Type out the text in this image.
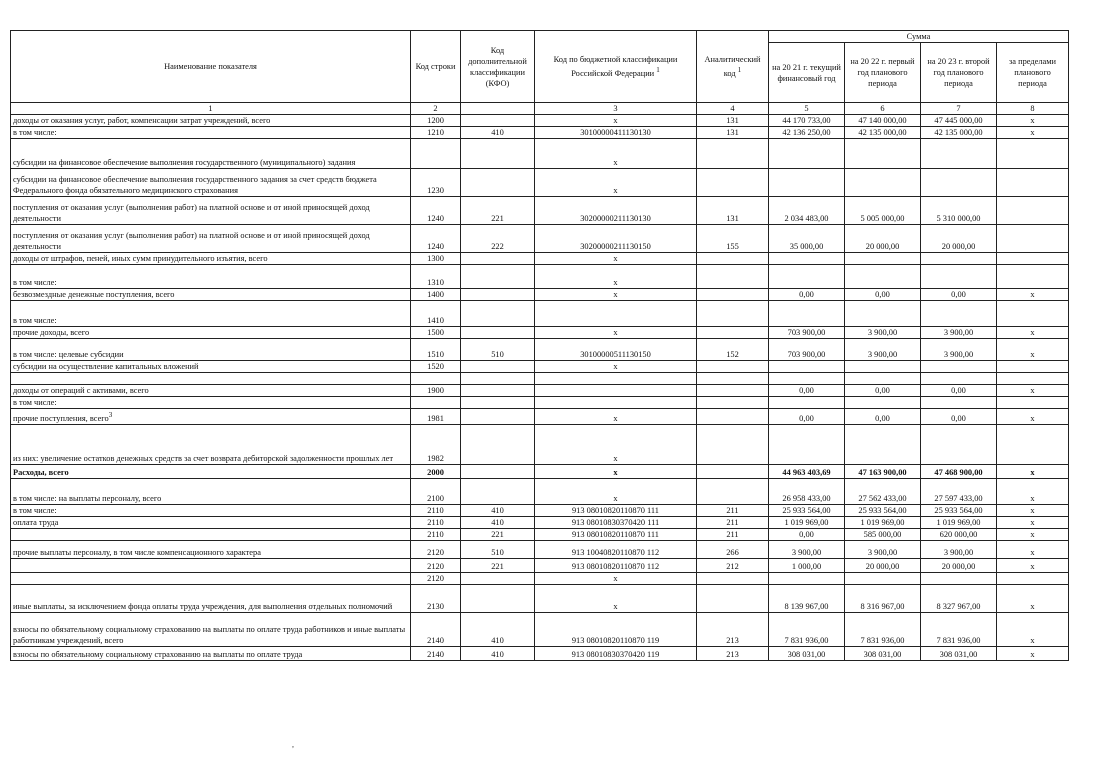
Наименование показателя	Код строки	Код дополнительной классификации (КФО)	Код по бюджетной классификации Российской Федерации $^1$	Аналитический код $^1$	Сумма			
					на 20 21 г. текущий финансовый год	на 20 22 г. первый год планового периода	на 20 23 г. второй год планового периода	за пределами планового периода
1	2		3	4	5	6	7	8
доходы от оказания услуг, работ, компенсации затрат учреждений, всего	1200		x	131	44 170 733,00	47 140 000,00	47 445 000,00	x
в том числе:	1210	410	30100000411130130	131	42 136 250,00	42 135 000,00	42 135 000,00	x
субсидии на финансовое обеспечение выполнения государственного (муниципального) задания			x					
субсидии на финансовое обеспечение выполнения государственного задания за счет средств бюджета Федерального фонда обязательного медицинского страхования	1230		x					
поступления от оказания услуг (выполнения работ) на платной основе и от иной приносящей доход деятельности	1240	221	30200000211130130	131	2 034 483,00	5 005 000,00	5 310 000,00	
поступления от оказания услуг (выполнения работ) на платной основе и от иной приносящей доход деятельности	1240	222	30200000211130150	155	35 000,00	20 000,00	20 000,00	
доходы от штрафов, пеней, иных сумм принудительного изъятия, всего	1300		x					
в том числе:	1310		x					
безвозмездные денежные поступления, всего	1400		x		0,00	0,00	0,00	x
в том числе:	1410							
прочие доходы, всего	1500		x		703 900,00	3 900,00	3 900,00	x
в том числе: целевые субсидии	1510	510	30100000511130150	152	703 900,00	3 900,00	3 900,00	x
субсидии на осуществление капитальных вложений	1520		x					

доходы от операций с активами, всего	1900				0,00	0,00	0,00	x
в том числе:								
прочие поступления, всего$^3$	1981		x		0,00	0,00	0,00	x
из них: увеличение остатков денежных средств за счет возврата дебиторской задолженности прошлых лет	1982		x					
Расходы, всего	2000		x		44 963 403,69	47 163 900,00	47 468 900,00	x
в том числе: на выплаты персоналу, всего	2100		x		26 958 433,00	27 562 433,00	27 597 433,00	x
в том числе:	2110	410	913 08010820110870 111	211	25 933 564,00	25 933 564,00	25 933 564,00	x
оплата труда	2110	410	913 08010830370420 111	211	1 019 969,00	1 019 969,00	1 019 969,00	x
	2110	221	913 08010820110870 111	211	0,00	585 000,00	620 000,00	x
прочие выплаты персоналу, в том числе компенсационного характера	2120	510	913 10040820110870 112	266	3 900,00	3 900,00	3 900,00	x
	2120	221	913 08010820110870 112	212	1 000,00	20 000,00	20 000,00	x
	2120		x					
иные выплаты, за исключением фонда оплаты труда учреждения, для выполнения отдельных полномочий	2130		x		8 139 967,00	8 316 967,00	8 327 967,00	x
взносы по обязательному социальному страхованию на выплаты по оплате труда работников и иные выплаты работникам учреждений, всего	2140	410	913 08010820110870 119	213	7 831 936,00	7 831 936,00	7 831 936,00	x
взносы по обязательному социальному страхованию на выплаты по оплате труда	2140	410	913 08010830370420 119	213	308 031,00	308 031,00	308 031,00	x
,
